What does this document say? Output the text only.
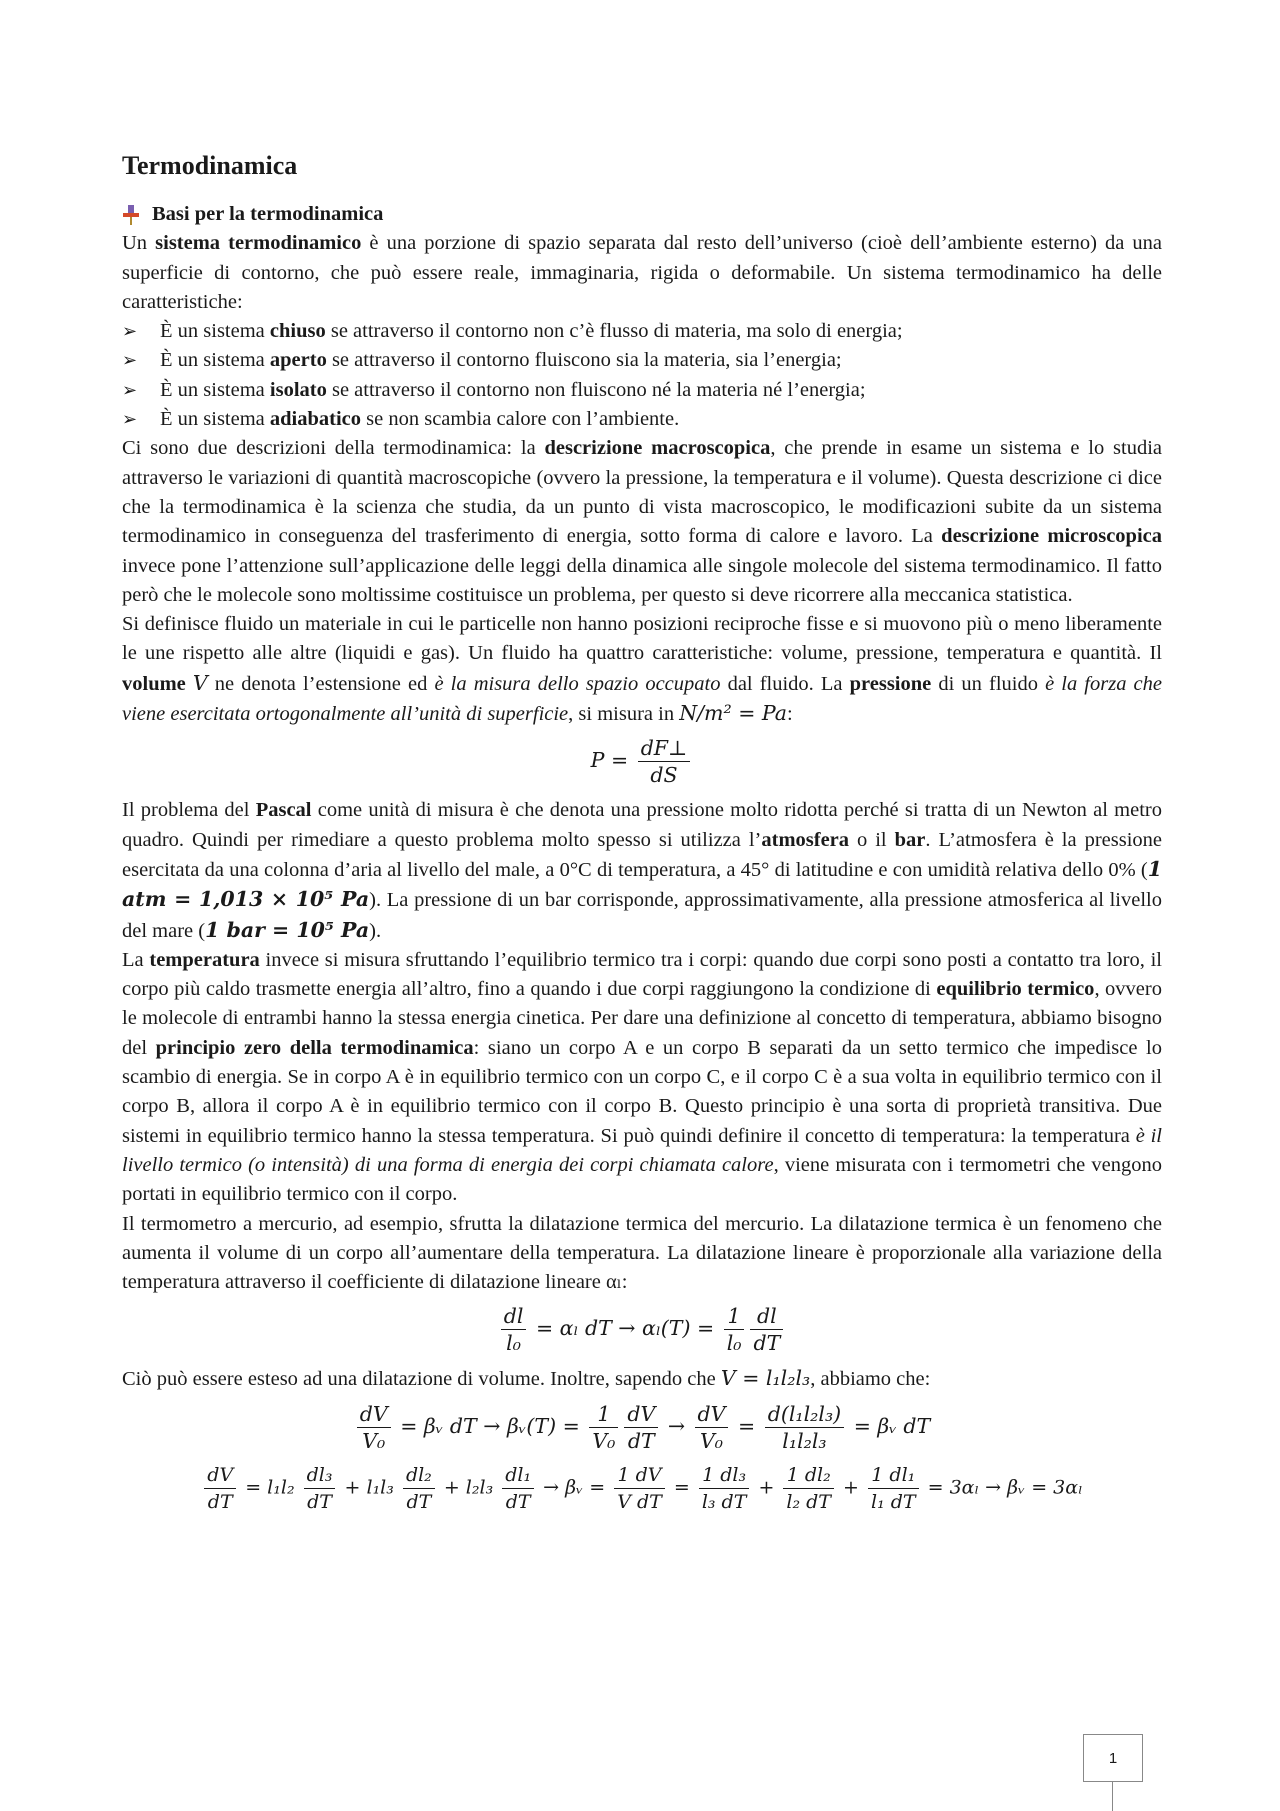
Termodinamica
Basi per la termodinamica

Un sistema termodinamico è una porzione di spazio separata dal resto dell’universo (cioè dell’ambiente esterno) da una superficie di contorno, che può essere reale, immaginaria, rigida o deformabile. Un sistema termodinamico ha delle caratteristiche:

➢	È un sistema chiuso se attraverso il contorno non c’è flusso di materia, ma solo di energia;
➢	È un sistema aperto se attraverso il contorno fluiscono sia la materia, sia l’energia;
➢	È un sistema isolato se attraverso il contorno non fluiscono né la materia né l’energia;
➢	È un sistema adiabatico se non scambia calore con l’ambiente.

Ci sono due descrizioni della termodinamica: la descrizione macroscopica, che prende in esame un sistema e lo studia attraverso le variazioni di quantità macroscopiche (ovvero la pressione, la temperatura e il volume). Questa descrizione ci dice che la termodinamica è la scienza che studia, da un punto di vista macroscopico, le modificazioni subite da un sistema termodinamico in conseguenza del trasferimento di energia, sotto forma di calore e lavoro. La descrizione microscopica invece pone l’attenzione sull’applicazione delle leggi della dinamica alle singole molecole del sistema termodinamico. Il fatto però che le molecole sono moltissime costituisce un problema, per questo si deve ricorrere alla meccanica statistica.

Si definisce fluido un materiale in cui le particelle non hanno posizioni reciproche fisse e si muovono più o meno liberamente le une rispetto alle altre (liquidi e gas). Un fluido ha quattro caratteristiche: volume, pressione, temperatura e quantità. Il volume V ne denota l’estensione ed è la misura dello spazio occupato dal fluido. La pressione di un fluido è la forza che viene esercitata ortogonalmente all’unità di superficie, si misura in N/m² = Pa:

$P = \frac{dF\perp}{dS}$

Il problema del Pascal come unità di misura è che denota una pressione molto ridotta perché si tratta di un Newton al metro quadro. Quindi per rimediare a questo problema molto spesso si utilizza l’atmosfera o il bar. L’atmosfera è la pressione esercitata da una colonna d’aria al livello del male, a 0°C di temperatura, a 45° di latitudine e con umidità relativa dello 0% (1 atm = 1,013 × 10⁵ Pa). La pressione di un bar corrisponde, approssimativamente, alla pressione atmosferica al livello del mare (1 bar = 10⁵ Pa).

La temperatura invece si misura sfruttando l’equilibrio termico tra i corpi: quando due corpi sono posti a contatto tra loro, il corpo più caldo trasmette energia all’altro, fino a quando i due corpi raggiungono la condizione di equilibrio termico, ovvero le molecole di entrambi hanno la stessa energia cinetica. Per dare una definizione al concetto di temperatura, abbiamo bisogno del principio zero della termodinamica: siano un corpo A e un corpo B separati da un setto termico che impedisce lo scambio di energia. Se in corpo A è in equilibrio termico con un corpo C, e il corpo C è a sua volta in equilibrio termico con il corpo B, allora il corpo A è in equilibrio termico con il corpo B. Questo principio è una sorta di proprietà transitiva. Due sistemi in equilibrio termico hanno la stessa temperatura. Si può quindi definire il concetto di temperatura: la temperatura è il livello termico (o intensità) di una forma di energia dei corpi chiamata calore, viene misurata con i termometri che vengono portati in equilibrio termico con il corpo.

Il termometro a mercurio, ad esempio, sfrutta la dilatazione termica del mercurio. La dilatazione termica è un fenomeno che aumenta il volume di un corpo all’aumentare della temperatura. La dilatazione lineare è proporzionale alla variazione della temperatura attraverso il coefficiente di dilatazione lineare αₗ:

$\frac{dl}{\text{l₀}} = \alpha_l$ dT → $\alpha_l(T) = \frac{1}{\text{l₀}} \frac{dl}{dT}$

Ciò può essere esteso ad una dilatazione di volume. Inoltre, sapendo che V = l₁l₂l₃, abbiamo che:

$\frac{dV}{\text{V₀}}$ = βᵥ dT → βᵥ(T) = $\frac{1}{\text{V₀}} \frac{dV}{dT} \to \frac{dV}{\text{V₀}} = \frac{\text{d(l₁l₂l₃)}}{\text{l₁l₂l₃}}$ = βᵥ dT
$\frac{dV}{dT} = l_1l_2 \frac{\text{dl₃}}{dT} + l_1l_3 \frac{\text{dl₂}}{dT} + l_2l_3 \frac{\text{dl₁}}{dT}$ → βᵥ = $\frac{1 dV}{\text{V dT}} = \frac{\text{1 dl₃}}{\text{l₃ dT}} + \frac{\text{1 dl₂}}{\text{l₂ dT}} + \frac{\text{1 dl₁}}{\text{l₁ dT}} = 3\alpha_l$ → βᵥ = 3αₗ
1
